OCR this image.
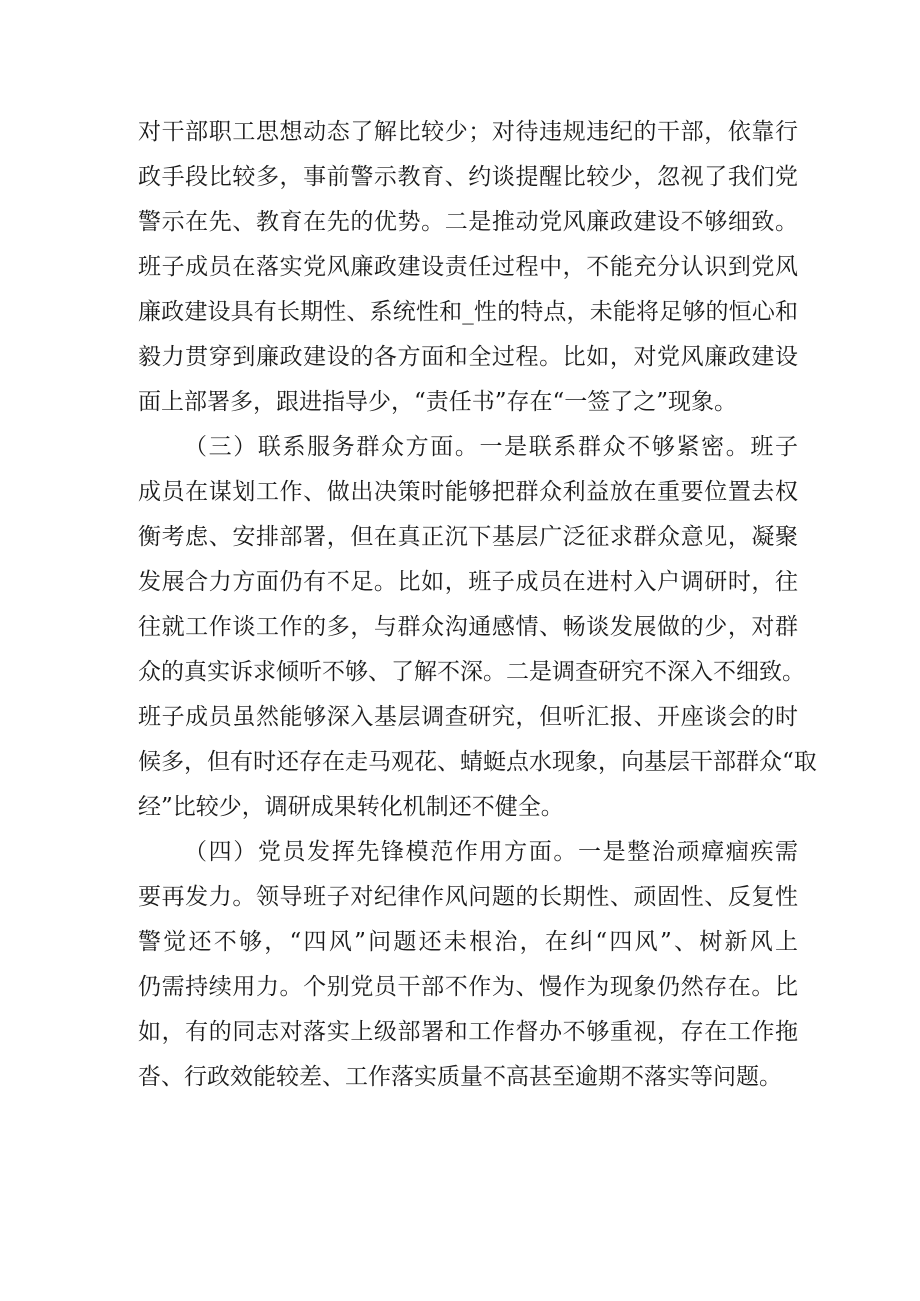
对干部职工思想动态了解比较少；对待违规违纪的干部，依靠行
政手段比较多，事前警示教育、约谈提醒比较少，忽视了我们党
警示在先、教育在先的优势。二是推动党风廉政建设不够细致。
班子成员在落实党风廉政建设责任过程中，不能充分认识到党风
廉政建设具有长期性、系统性和_性的特点，未能将足够的恒心和
毅力贯穿到廉政建设的各方面和全过程。比如，对党风廉政建设
面上部署多，跟进指导少，“责任书”存在“一签了之”现象。
（三）联系服务群众方面。一是联系群众不够紧密。班子
成员在谋划工作、做出决策时能够把群众利益放在重要位置去权
衡考虑、安排部署，但在真正沉下基层广泛征求群众意见，凝聚
发展合力方面仍有不足。比如，班子成员在进村入户调研时，往
往就工作谈工作的多，与群众沟通感情、畅谈发展做的少，对群
众的真实诉求倾听不够、了解不深。二是调查研究不深入不细致。
班子成员虽然能够深入基层调查研究，但听汇报、开座谈会的时
候多，但有时还存在走马观花、蜻蜓点水现象，向基层干部群众“取
经”比较少，调研成果转化机制还不健全。
（四）党员发挥先锋模范作用方面。一是整治顽瘴痼疾需
要再发力。领导班子对纪律作风问题的长期性、顽固性、反复性
警觉还不够，“四风”问题还未根治，在纠“四风”、树新风上
仍需持续用力。个别党员干部不作为、慢作为现象仍然存在。比
如，有的同志对落实上级部署和工作督办不够重视，存在工作拖
沓、行政效能较差、工作落实质量不高甚至逾期不落实等问题。
